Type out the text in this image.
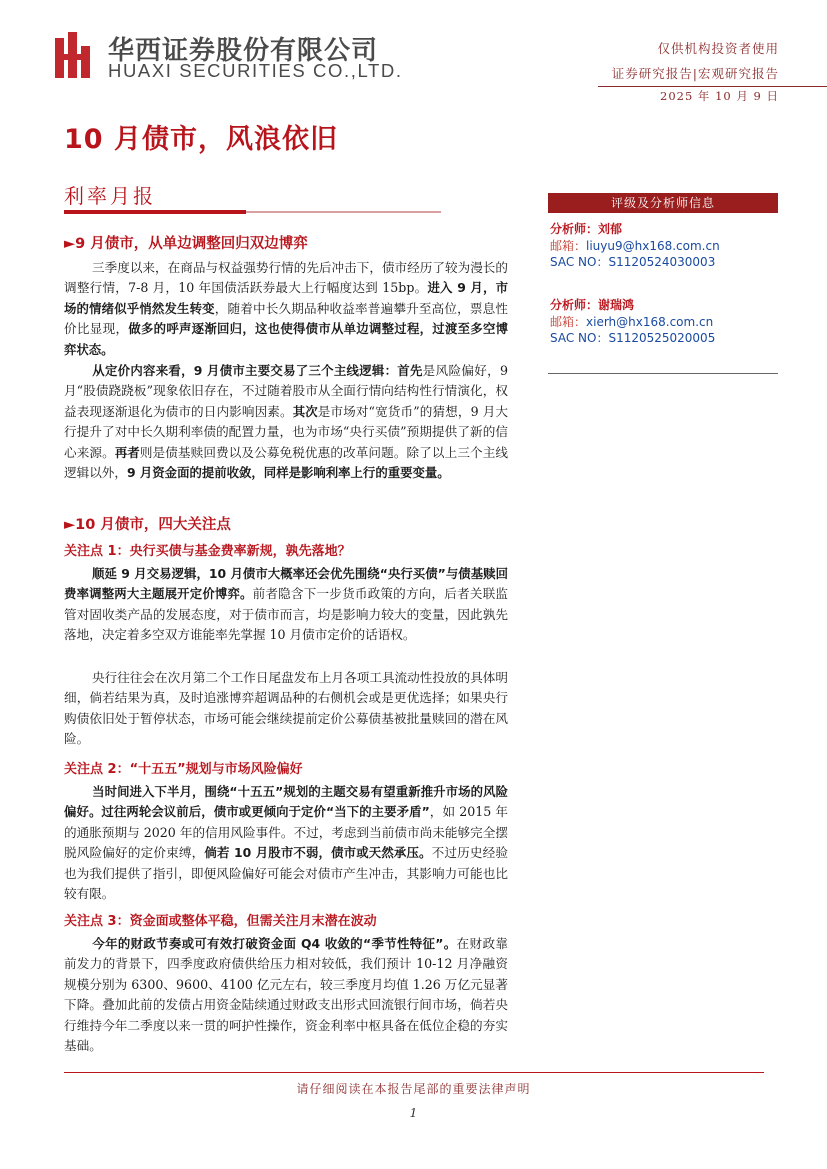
华西证券股份有限公司
HUAXI SECURITIES CO.,LTD.
仅供机构投资者使用
证券研究报告|宏观研究报告
2025 年 10 月 9 日
10 月债市，风浪依旧
利率月报	评级及分析师信息
分析师：刘郁
邮箱：liuyu9@hx168.com.cn
SAC NO：S1120524030003
分析师：谢瑞鸿
邮箱：xierh@hx168.com.cn
SAC NO：S1120525020005
►9 月债市，从单边调整回归双边博弈
三季度以来，在商品与权益强势行情的先后冲击下，债市经历了较为漫长的调整行情，7-8 月，10 年国债活跃券最大上行幅度达到 15bp。进入 9 月，市场的情绪似乎悄然发生转变，随着中长久期品种收益率普遍攀升至高位，票息性价比显现，做多的呼声逐渐回归，这也使得债市从单边调整过程，过渡至多空博弈状态。
从定价内容来看，9 月债市主要交易了三个主线逻辑：首先是风险偏好，9 月“股债跷跷板”现象依旧存在，不过随着股市从全面行情向结构性行情演化，权益表现逐渐退化为债市的日内影响因素。其次是市场对“宽货币”的猜想，9 月大行提升了对中长久期利率债的配置力量，也为市场“央行买债”预期提供了新的信心来源。再者则是债基赎回费以及公募免税优惠的改革问题。除了以上三个主线逻辑以外，9 月资金面的提前收敛，同样是影响利率上行的重要变量。
►10 月债市，四大关注点
关注点 1：央行买债与基金费率新规，孰先落地？
顺延 9 月交易逻辑，10 月债市大概率还会优先围绕“央行买债”与债基赎回费率调整两大主题展开定价博弈。前者隐含下一步货币政策的方向，后者关联监管对固收类产品的发展态度，对于债市而言，均是影响力较大的变量，因此孰先落地，决定着多空双方谁能率先掌握 10 月债市定价的话语权。
央行往往会在次月第二个工作日尾盘发布上月各项工具流动性投放的具体明细，倘若结果为真，及时追涨博弈超调品种的右侧机会或是更优选择；如果央行购债依旧处于暂停状态，市场可能会继续提前定价公募债基被批量赎回的潜在风险。
关注点 2：“十五五”规划与市场风险偏好
当时间进入下半月，围绕“十五五”规划的主题交易有望重新推升市场的风险偏好。过往两轮会议前后，债市或更倾向于定价“当下的主要矛盾”，如 2015 年的通胀预期与 2020 年的信用风险事件。不过，考虑到当前债市尚未能够完全摆脱风险偏好的定价束缚，倘若 10 月股市不弱，债市或天然承压。不过历史经验也为我们提供了指引，即便风险偏好可能会对债市产生冲击，其影响力可能也比较有限。
关注点 3：资金面或整体平稳，但需关注月末潜在波动
今年的财政节奏或可有效打破资金面 Q4 收敛的“季节性特征”。在财政靠前发力的背景下，四季度政府债供给压力相对较低，我们预计 10-12 月净融资规模分别为 6300、9600、4100 亿元左右，较三季度月均值 1.26 万亿元显著下降。叠加此前的发债占用资金陆续通过财政支出形式回流银行间市场，倘若央行维持今年二季度以来一贯的呵护性操作，资金利率中枢具备在低位企稳的夯实基础。
请仔细阅读在本报告尾部的重要法律声明
1
